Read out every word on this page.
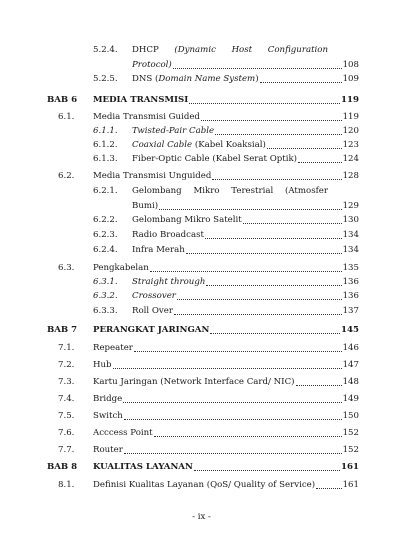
5.2.4. DHCP (Dynamic Host Configuration
Protocol)	108
5.2.5. DNS (Domain Name System)	109
BAB 6 MEDIA TRANSMISI	119
6.1. Media Transmisi Guided	119
6.1.1. Twisted-Pair Cable	120
6.1.2. Coaxial Cable (Kabel Koaksial)	123
6.1.3. Fiber-Optic Cable (Kabel Serat Optik)	124
6.2. Media Transmisi Unguided	128
6.2.1. Gelombang Mikro Terestrial (Atmosfer
Bumi)	129
6.2.2. Gelombang Mikro Satelit	130
6.2.3. Radio Broadcast	134
6.2.4. Infra Merah	134
6.3. Pengkabelan	135
6.3.1. Straight through	136
6.3.2. Crossover	136
6.3.3. Roll Over	137
BAB 7 PERANGKAT JARINGAN	145
7.1. Repeater	146
7.2. Hub	147
7.3. Kartu Jaringan (Network Interface Card/ NIC)	148
7.4. Bridge	149
7.5. Switch	150
7.6. Acccess Point	152
7.7. Router	152
BAB 8 KUALITAS LAYANAN	161
8.1. Definisi Kualitas Layanan (QoS/ Quality of Service)	161
- ix -
